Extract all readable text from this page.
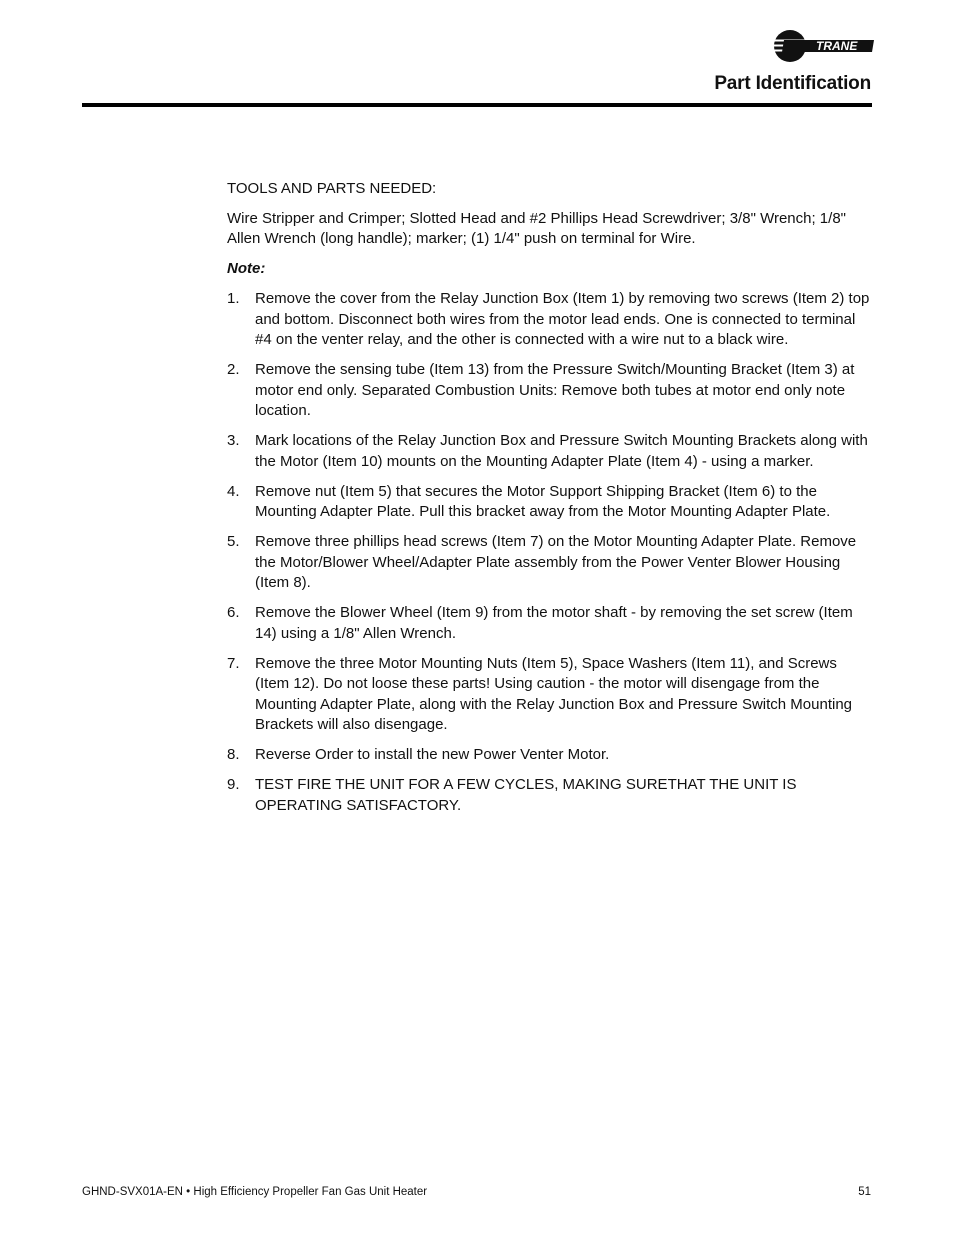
TRANE
Part Identification

TOOLS AND PARTS NEEDED:

Wire Stripper and Crimper; Slotted Head and #2 Phillips Head Screwdriver; 3/8" Wrench; 1/8" Allen Wrench (long handle); marker; (1) 1/4" push on terminal for Wire.

Note:

1. Remove the cover from the Relay Junction Box (Item 1) by removing two screws (Item 2) top and bottom. Disconnect both wires from the motor lead ends. One is connected to terminal #4 on the venter relay, and the other is connected with a wire nut to a black wire.
2. Remove the sensing tube (Item 13) from the Pressure Switch/Mounting Bracket (Item 3) at motor end only. Separated Combustion Units: Remove both tubes at motor end only note location.
3. Mark locations of the Relay Junction Box and Pressure Switch Mounting Brackets along with the Motor (Item 10) mounts on the Mounting Adapter Plate (Item 4) - using a marker.
4. Remove nut (Item 5) that secures the Motor Support Shipping Bracket (Item 6) to the Mounting Adapter Plate. Pull this bracket away from the Motor Mounting Adapter Plate.
5. Remove three phillips head screws (Item 7) on the Motor Mounting Adapter Plate. Remove the Motor/Blower Wheel/Adapter Plate assembly from the Power Venter Blower Housing (Item 8).
6. Remove the Blower Wheel (Item 9) from the motor shaft - by removing the set screw (Item 14) using a 1/8" Allen Wrench.
7. Remove the three Motor Mounting Nuts (Item 5), Space Washers (Item 11), and Screws (Item 12). Do not loose these parts! Using caution - the motor will disengage from the Mounting Adapter Plate, along with the Relay Junction Box and Pressure Switch Mounting Brackets will also disengage.
8. Reverse Order to install the new Power Venter Motor.
9. TEST FIRE THE UNIT FOR A FEW CYCLES, MAKING SURETHAT THE UNIT IS OPERATING SATISFACTORY.
GHND-SVX01A-EN • High Efficiency Propeller Fan Gas Unit Heater	51
